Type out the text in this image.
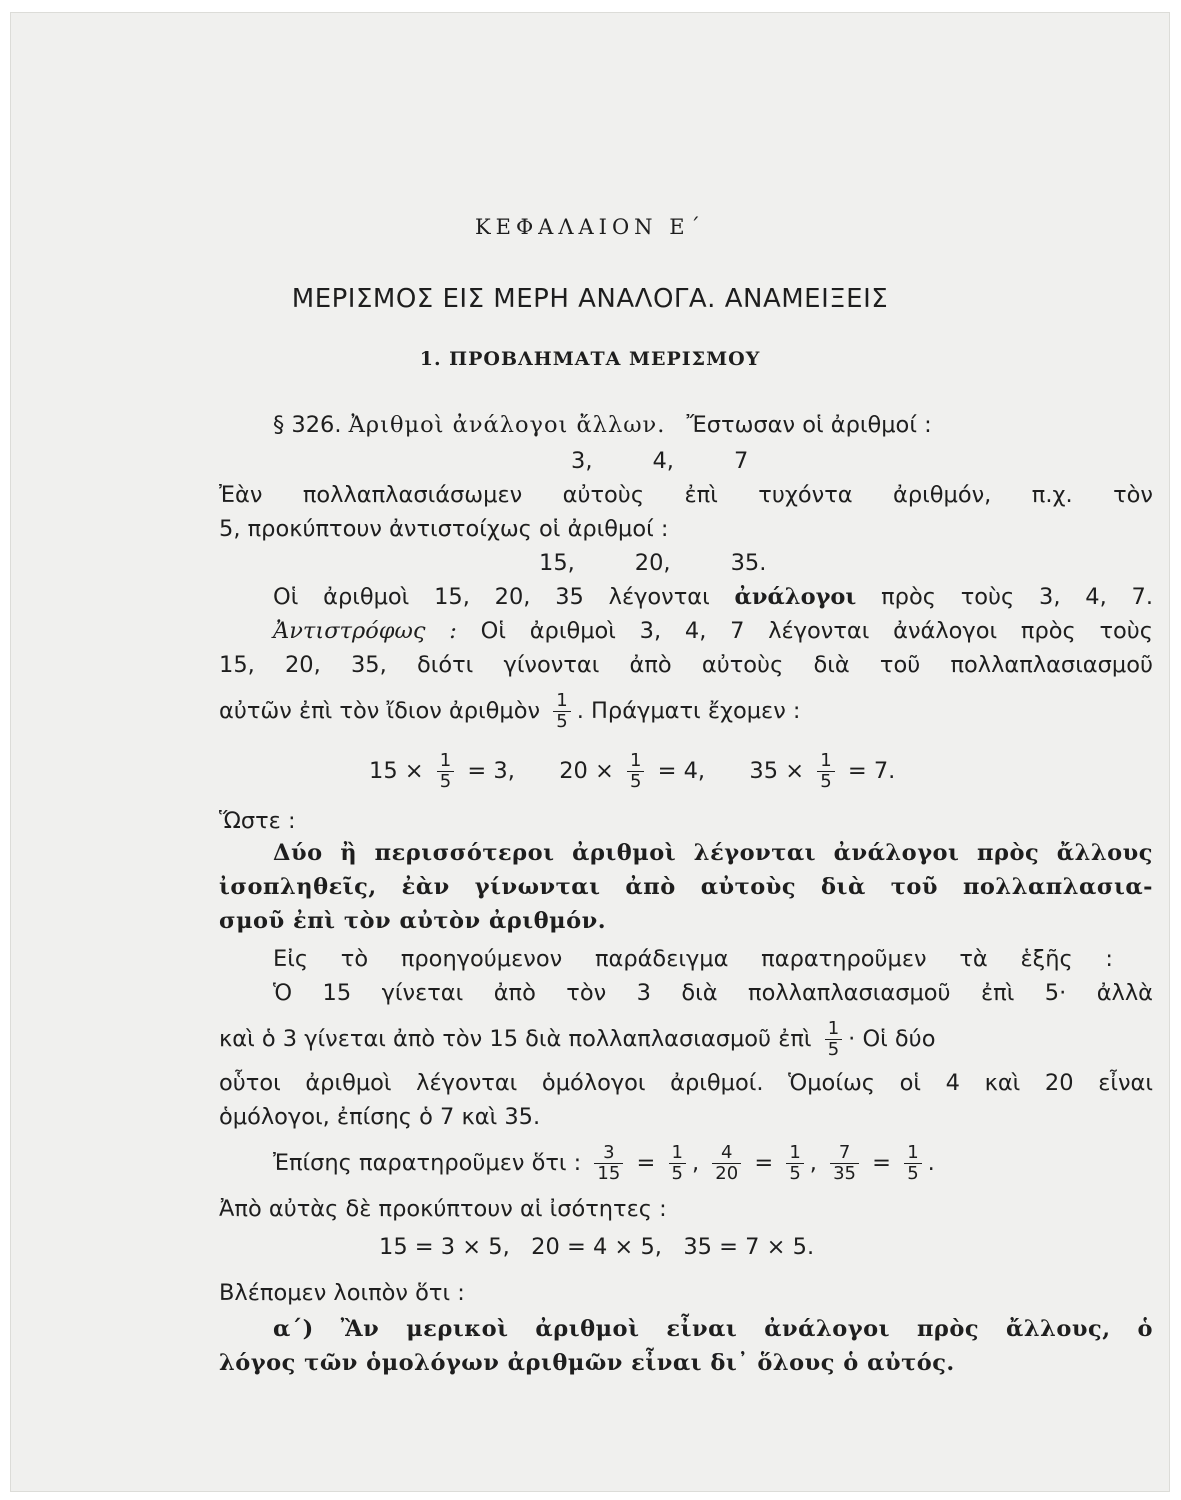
ΚΕΦΑΛΑΙΟΝ Ε΄
ΜΕΡΙΣΜΟΣ ΕΙΣ ΜΕΡΗ ΑΝΑΛΟΓΑ. ΑΝΑΜΕΙΞΕΙΣ
1. ΠΡΟΒΛΗΜΑΤΑ ΜΕΡΙΣΜΟΥ
§ 326. Ἀριθμοὶ ἀνάλογοι ἄλλων. Ἔστωσαν οἱ ἀριθμοί :
3,	4,	7
Ἐὰν πολλαπλασιάσωμεν αὐτοὺς ἐπὶ τυχόντα ἀριθμόν, π.χ. τὸν
5, προκύπτουν ἀντιστοίχως οἱ ἀριθμοί :
15,	20,	35.
Οἱ ἀριθμοὶ 15, 20, 35 λέγονται ἀνάλογοι πρὸς τοὺς 3, 4, 7.
Ἀντιστρόφως : Οἱ ἀριθμοὶ 3, 4, 7 λέγονται ἀνάλογοι πρὸς τοὺς
15, 20, 35, διότι γίνονται ἀπὸ αὐτοὺς διὰ τοῦ πολλαπλασιασμοῦ
αὐτῶν ἐπὶ τὸν ἴδιον ἀριθμὸν $\frac{1}{5}$ . Πράγματι ἔχομεν :
$15 \times \frac{1}{5} = 3$, $20 \times \frac{1}{5} = 4$, $35 \times \frac{1}{5} = 7$.
Ὥστε :
Δύο ἢ περισσότεροι ἀριθμοὶ λέγονται ἀνάλογοι πρὸς ἄλλους
ἰσοπληθεῖς, ἐὰν γίνωνται ἀπὸ αὐτοὺς διὰ τοῦ πολλαπλασια-
σμοῦ ἐπὶ τὸν αὐτὸν ἀριθμόν.
Εἰς τὸ προηγούμενον παράδειγμα παρατηροῦμεν τὰ ἑξῆς :
Ὁ 15 γίνεται ἀπὸ τὸν 3 διὰ πολλαπλασιασμοῦ ἐπὶ 5· ἀλλὰ
καὶ ὁ 3 γίνεται ἀπὸ τὸν 15 διὰ πολλαπλασιασμοῦ ἐπὶ $\frac{1}{5}$ · Οἱ δύο
οὗτοι ἀριθμοὶ λέγονται ὁμόλογοι ἀριθμοί. Ὁμοίως οἱ 4 καὶ 20 εἶναι
ὁμόλογοι, ἐπίσης ὁ 7 καὶ 35.
Ἐπίσης παρατηροῦμεν ὅτι : $\frac{3}{15} = \frac{1}{5}$ , $\frac{4}{20} = \frac{1}{5}$ , $\frac{7}{35} = \frac{1}{5}$ .
Ἀπὸ αὐτὰς δὲ προκύπτουν αἱ ἰσότητες :
15 = 3 × 5,   20 = 4 × 5,   35 = 7 × 5.
Βλέπομεν λοιπὸν ὅτι :
α΄) Ἂν μερικοὶ ἀριθμοὶ εἶναι ἀνάλογοι πρὸς ἄλλους, ὁ
λόγος τῶν ὁμολόγων ἀριθμῶν εἶναι δι᾿ ὅλους ὁ αὐτός.
